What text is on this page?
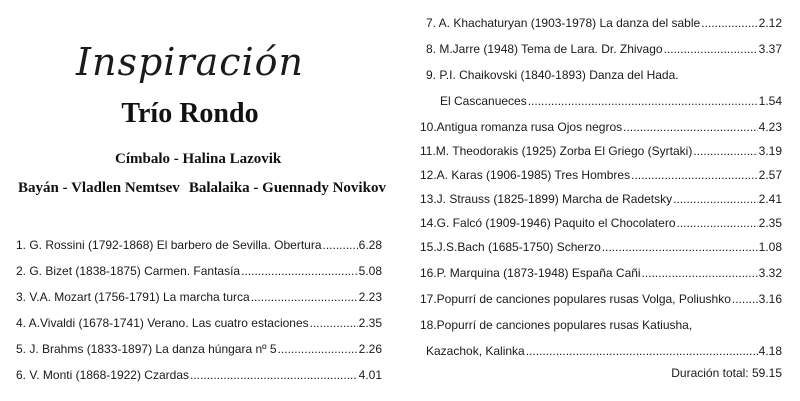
Inspiración
Trío Rondo
Címbalo - Halina Lazovik
Bayán - Vladlen Nemtsev Balalaika - Guennady Novikov
1. G. Rossini (1792-1868) El barbero de Sevilla. Obertura .....	6.28
2. G. Bizet (1838-1875) Carmen. Fantasía .....	5.08
3. V.A. Mozart (1756-1791) La marcha turca .....	2.23
4. A.Vivaldi (1678-1741) Verano. Las cuatro estaciones .....	2.35
5. J. Brahms (1833-1897) La danza húngara nº 5 .....	2.26
6. V. Monti (1868-1922) Czardas .....	4.01
7. A. Khachaturyan (1903-1978) La danza del sable .....	2.12
8. M.Jarre (1948) Tema de Lara. Dr. Zhivago .....	3.37
9. P.I. Chaikovski (1840-1893) Danza del Hada.
El Cascanueces .....	1.54
10.Antigua romanza rusa Ojos negros .....	4.23
11.M. Theodorakis (1925) Zorba El Griego (Syrtaki) .....	3.19
12.A. Karas (1906-1985) Tres Hombres .....	2.57
13.J. Strauss (1825-1899) Marcha de Radetsky .....	2.41
14.G. Falcó (1909-1946) Paquito el Chocolatero .....	2.35
15.J.S.Bach (1685-1750) Scherzo .....	1.08
16.P. Marquina (1873-1948) España Cañi .....	3.32
17.Popurrí de canciones populares rusas Volga, Poliushko ..... 3.16
18.Popurrí de canciones populares rusas Katiusha,
Kazachok, Kalinka .....	4.18
Duración total: 59.15
